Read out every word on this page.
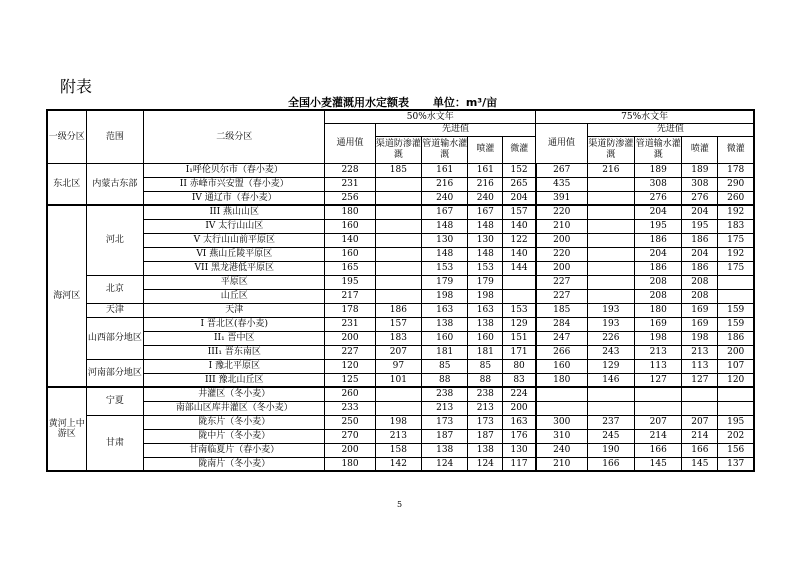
附表
全国小麦灌溉用水定额表 单位：m³/亩
一级分区	范围	二级分区	50%水文年					75%水文年				
			通用值	先进值				通用值	先进值			
				渠道防渗灌溉	管道输水灌溉	喷灌	微灌		渠道防渗灌溉	管道输水灌溉	喷灌	微灌
东北区	内蒙古东部	I₁呼伦贝尔市（春小麦）	228	185	161	161	152	267	216	189	189	178
		II 赤峰市兴安盟（春小麦）	231		216	216	265	435		308	308	290
		IV 通辽市（春小麦）	256		240	240	204	391		276	276	260
海河区	河北	III 燕山山区	180		167	167	157	220		204	204	192
		IV 太行山山区	160		148	148	140	210		195	195	183
		V 太行山山前平原区	140		130	130	122	200		186	186	175
		VI 燕山丘陵平原区	160		148	148	140	220		204	204	192
		VII 黑龙港低平原区	165		153	153	144	200		186	186	175
	北京	平原区	195		179	179		227		208	208	
		山丘区	217		198	198		227		208	208	
	天津	天津	178	186	163	163	153	185	193	180	169	159
	山西部分地区	I 晋北区(春小麦)	231	157	138	138	129	284	193	169	169	159
		II₁ 晋中区	200	183	160	160	151	247	226	198	198	186
		III₁ 晋东南区	227	207	181	181	171	266	243	213	213	200
	河南部分地区	I 豫北平原区	120	97	85	85	80	160	129	113	113	107
		III 豫北山丘区	125	101	88	88	83	180	146	127	127	120
黄河上中游区	宁夏	井灌区（冬小麦）	260		238	238	224					
		南部山区库井灌区（冬小麦）	233		213	213	200					
	甘肃	陇东片（冬小麦）	250	198	173	173	163	300	237	207	207	195
		陇中片（冬小麦）	270	213	187	187	176	310	245	214	214	202
		甘南临夏片（春小麦）	200	158	138	138	130	240	190	166	166	156
		陇南片（冬小麦）	180	142	124	124	117	210	166	145	145	137
5
